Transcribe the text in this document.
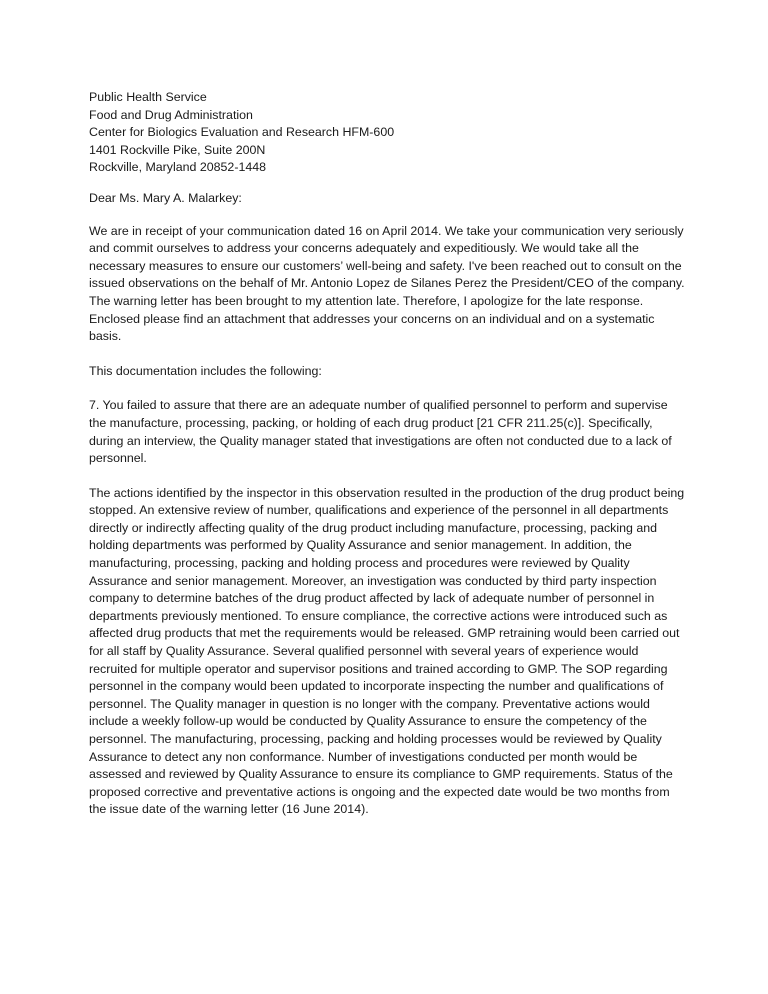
Public Health Service
Food and Drug Administration
Center for Biologics Evaluation and Research HFM-600
1401 Rockville Pike, Suite 200N
Rockville, Maryland 20852-1448

Dear Ms. Mary A. Malarkey:

We are in receipt of your communication dated 16 on April 2014. We take your communication very seriously and commit ourselves to address your concerns adequately and expeditiously. We would take all the necessary measures to ensure our customers’ well-being and safety. I've been reached out to consult on the issued observations on the behalf of Mr. Antonio Lopez de Silanes Perez the President/CEO of the company. The warning letter has been brought to my attention late. Therefore, I apologize for the late response. Enclosed please find an attachment that addresses your concerns on an individual and on a systematic basis.

This documentation includes the following:

7. You failed to assure that there are an adequate number of qualified personnel to perform and supervise the manufacture, processing, packing, or holding of each drug product [21 CFR 211.25(c)]. Specifically, during an interview, the Quality manager stated that investigations are often not conducted due to a lack of personnel.

The actions identified by the inspector in this observation resulted in the production of the drug product being stopped. An extensive review of number, qualifications and experience of the personnel in all departments directly or indirectly affecting quality of the drug product including manufacture, processing, packing and holding departments was performed by Quality Assurance and senior management. In addition, the manufacturing, processing, packing and holding process and procedures were reviewed by Quality Assurance and senior management. Moreover, an investigation was conducted by third party inspection company to determine batches of the drug product affected by lack of adequate number of personnel in departments previously mentioned. To ensure compliance, the corrective actions were introduced such as affected drug products that met the requirements would be released. GMP retraining would been carried out for all staff by Quality Assurance. Several qualified personnel with several years of experience would recruited for multiple operator and supervisor positions and trained according to GMP. The SOP regarding personnel in the company would been updated to incorporate inspecting the number and qualifications of personnel. The Quality manager in question is no longer with the company. Preventative actions would include a weekly follow-up would be conducted by Quality Assurance to ensure the competency of the personnel. The manufacturing, processing, packing and holding processes would be reviewed by Quality Assurance to detect any non conformance. Number of investigations conducted per month would be assessed and reviewed by Quality Assurance to ensure its compliance to GMP requirements. Status of the proposed corrective and preventative actions is ongoing and the expected date would be two months from the issue date of the warning letter (16 June 2014).
